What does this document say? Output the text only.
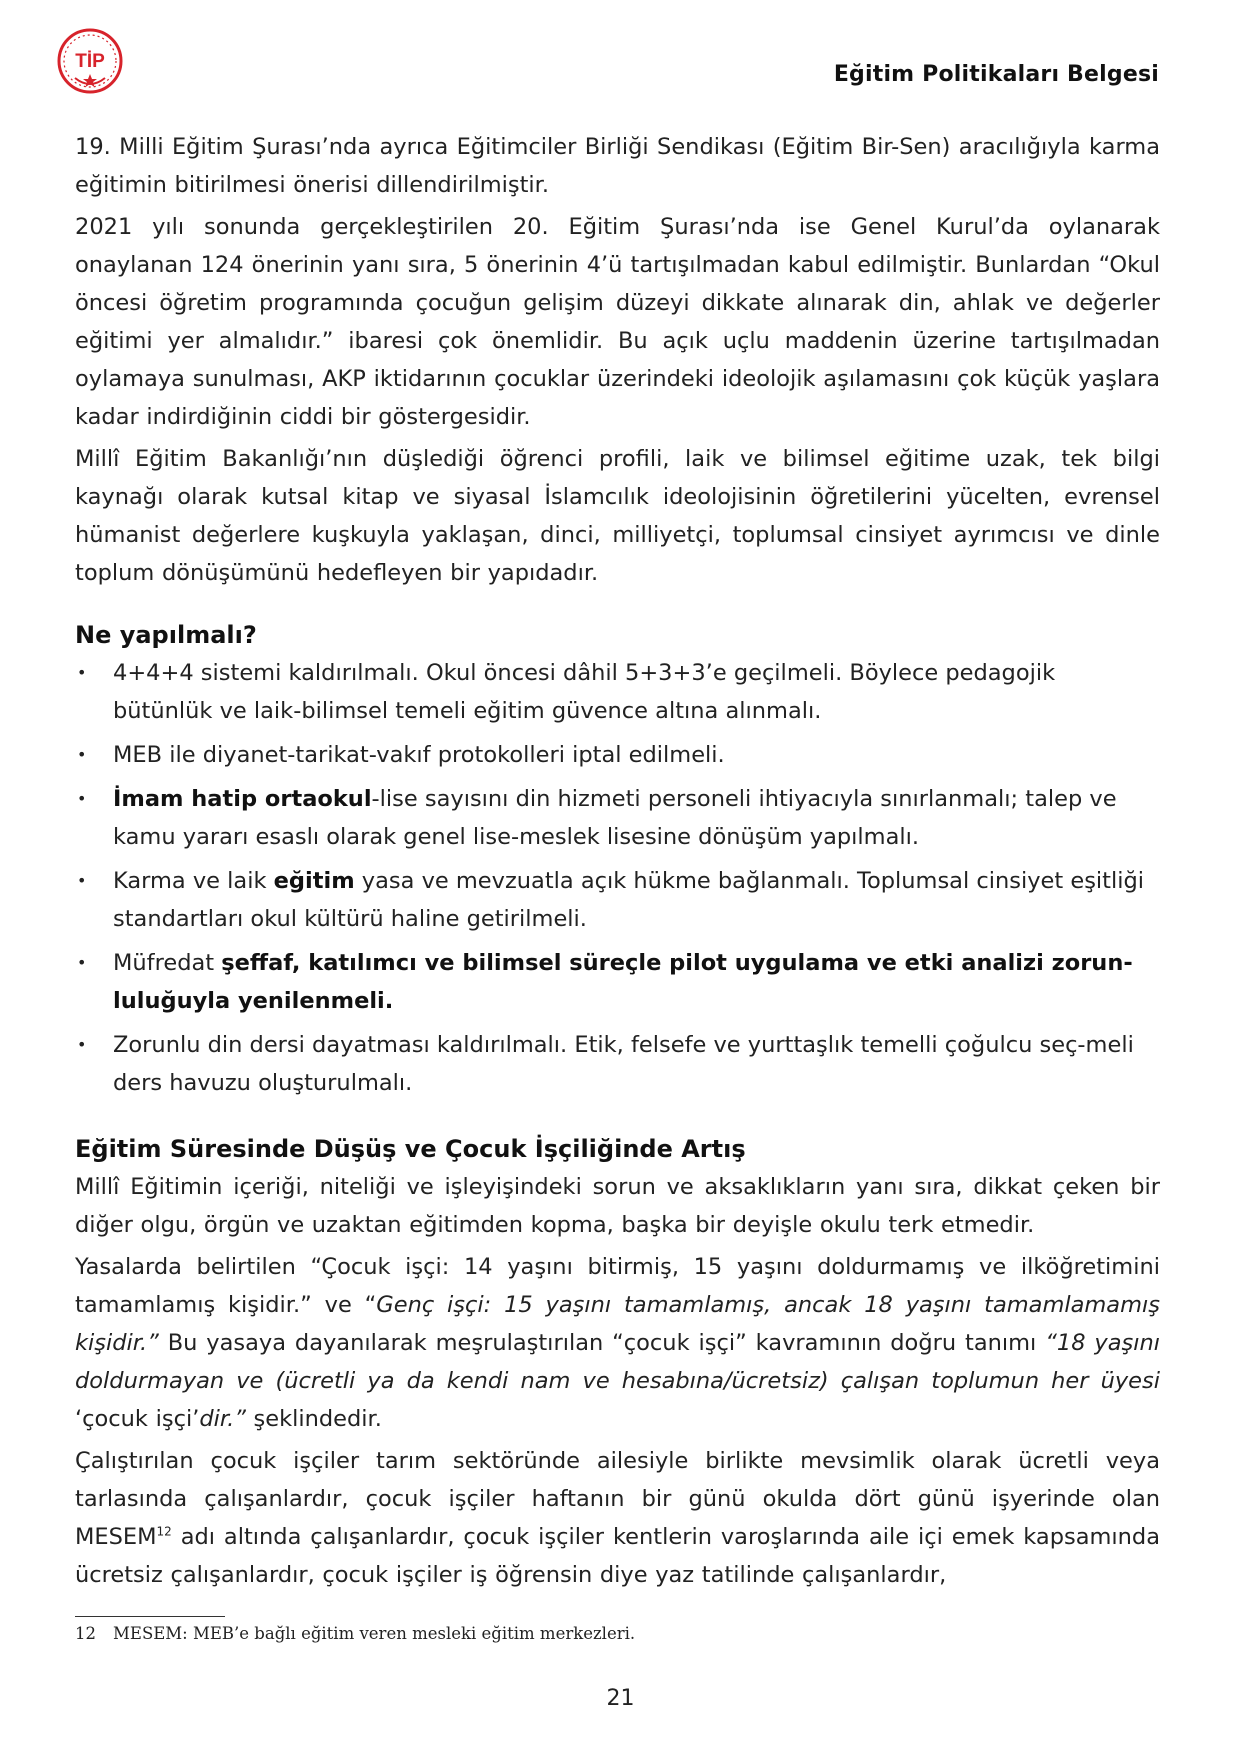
TİP
Eğitim Politikaları Belgesi

19. Milli Eğitim Şurası’nda ayrıca Eğitimciler Birliği Sendikası (Eğitim Bir-Sen) aracılığıyla karma eğitimin bitirilmesi önerisi dillendirilmiştir.

2021 yılı sonunda gerçekleştirilen 20. Eğitim Şurası’nda ise Genel Kurul’da oylanarak onaylanan 124 önerinin yanı sıra, 5 önerinin 4’ü tartışılmadan kabul edilmiştir. Bunlardan “Okul öncesi öğretim programında çocuğun gelişim düzeyi dikkate alınarak din, ahlak ve değerler eğitimi yer almalıdır.” ibaresi çok önemlidir. Bu açık uçlu maddenin üzerine tartışılmadan oylamaya sunulması, AKP iktidarının çocuklar üzerindeki ideolojik aşılamasını çok küçük yaşlara kadar indirdiğinin ciddi bir göstergesidir.

Millî Eğitim Bakanlığı’nın düşlediği öğrenci profili, laik ve bilimsel eğitime uzak, tek bilgi kaynağı olarak kutsal kitap ve siyasal İslamcılık ideolojisinin öğretilerini yücelten, evrensel hümanist değerlere kuşkuyla yaklaşan, dinci, milliyetçi, toplumsal cinsiyet ayrımcısı ve dinle toplum dönüşümünü hedefleyen bir yapıdadır.

Ne yapılmalı?
• 4+4+4 sistemi kaldırılmalı. Okul öncesi dâhil 5+3+3’e geçilmeli. Böylece pedagojik bütünlük ve laik-bilimsel temeli eğitim güvence altına alınmalı.
• MEB ile diyanet-tarikat-vakıf protokolleri iptal edilmeli.
• İmam hatip ortaokul-lise sayısını din hizmeti personeli ihtiyacıyla sınırlanmalı; talep ve kamu yararı esaslı olarak genel lise-meslek lisesine dönüşüm yapılmalı.
• Karma ve laik eğitim yasa ve mevzuatla açık hükme bağlanmalı. Toplumsal cinsiyet eşitliği standartları okul kültürü haline getirilmeli.
• Müfredat şeffaf, katılımcı ve bilimsel süreçle pilot uygulama ve etki analizi zorun-luluğuyla yenilenmeli.
• Zorunlu din dersi dayatması kaldırılmalı. Etik, felsefe ve yurttaşlık temelli çoğulcu seç-meli ders havuzu oluşturulmalı.
Eğitim Süresinde Düşüş ve Çocuk İşçiliğinde Artış

Millî Eğitimin içeriği, niteliği ve işleyişindeki sorun ve aksaklıkların yanı sıra, dikkat çeken bir diğer olgu, örgün ve uzaktan eğitimden kopma, başka bir deyişle okulu terk etmedir.

Yasalarda belirtilen “Çocuk işçi: 14 yaşını bitirmiş, 15 yaşını doldurmamış ve ilköğretimini tamamlamış kişidir.” ve “Genç işçi: 15 yaşını tamamlamış, ancak 18 yaşını tamamlamamış kişidir.” Bu yasaya dayanılarak meşrulaştırılan “çocuk işçi” kavramının doğru tanımı “18 yaşını doldurmayan ve (ücretli ya da kendi nam ve hesabına/ücretsiz) çalışan toplumun her üyesi ‘çocuk işçi’dir.” şeklindedir.

Çalıştırılan çocuk işçiler tarım sektöründe ailesiyle birlikte mevsimlik olarak ücretli veya tarlasında çalışanlardır, çocuk işçiler haftanın bir günü okulda dört günü işyerinde olan MESEM$^{12}$ adı altında çalışanlardır, çocuk işçiler kentlerin varoşlarında aile içi emek kapsamında ücretsiz çalışanlardır, çocuk işçiler iş öğrensin diye yaz tatilinde çalışanlardır,

12 MESEM: MEB’e bağlı eğitim veren mesleki eğitim merkezleri.
21
